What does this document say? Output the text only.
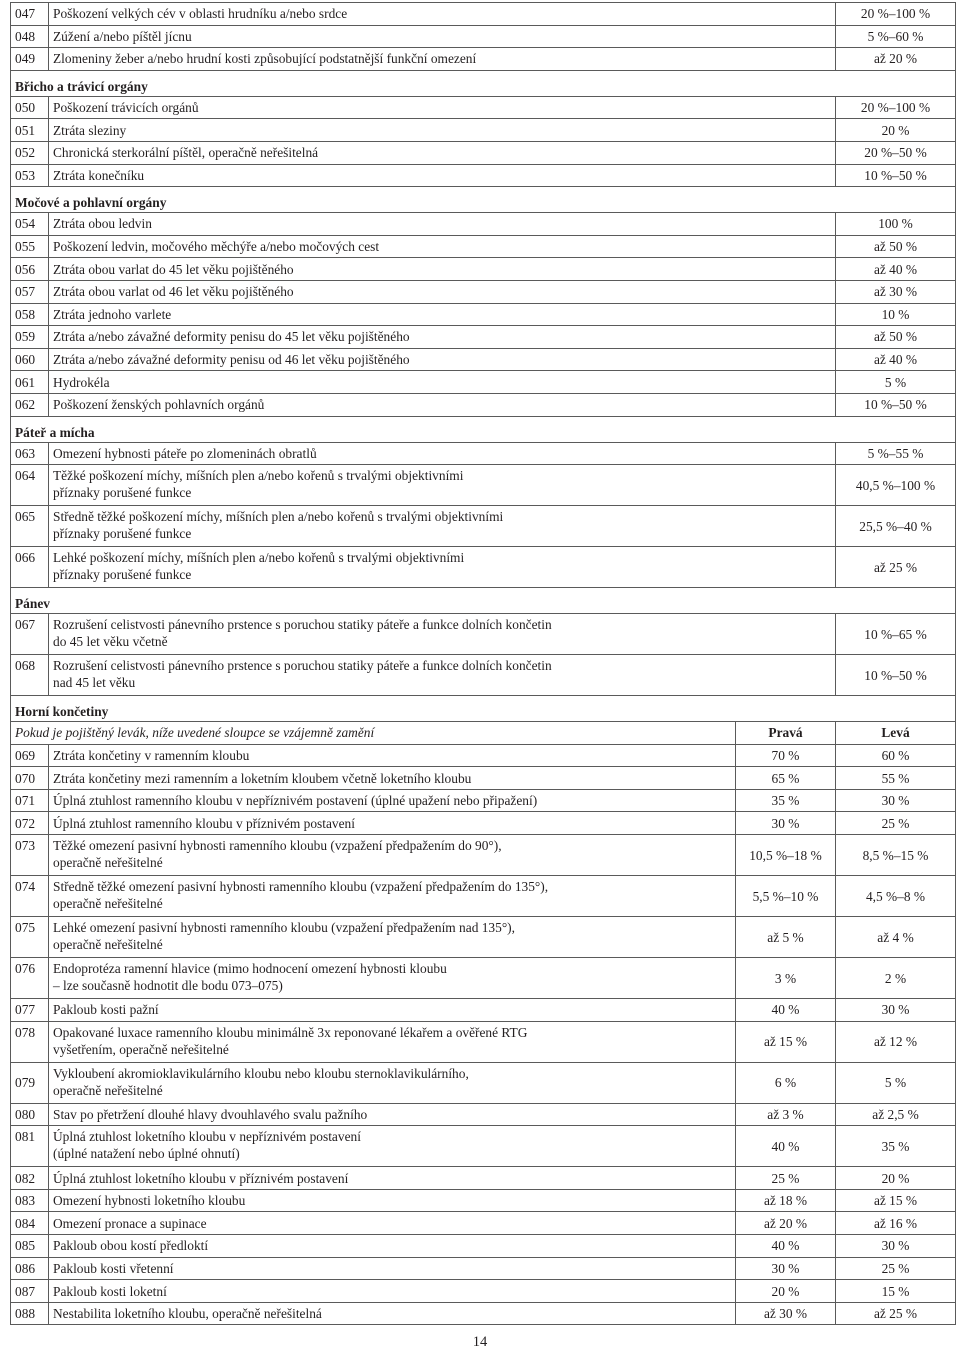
047	Poškození velkých cév v oblasti hrudníku a/nebo srdce		20 %–100 %
048	Zúžení a/nebo píštěl jícnu		5 %–60 %
049	Zlomeniny žeber a/nebo hrudní kosti způsobující podstatnější funkční omezení		až 20 %
Břicho a trávicí orgány			
050	Poškození trávicích orgánů		20 %–100 %
051	Ztráta sleziny		20 %
052	Chronická sterkorální píštěl, operačně neřešitelná		20 %–50 %
053	Ztráta konečníku		10 %–50 %
Močové a pohlavní orgány			
054	Ztráta obou ledvin		100 %
055	Poškození ledvin, močového měchýře a/nebo močových cest		až 50 %
056	Ztráta obou varlat do 45 let věku pojištěného		až 40 %
057	Ztráta obou varlat od 46 let věku pojištěného		až 30 %
058	Ztráta jednoho varlete		10 %
059	Ztráta a/nebo závažné deformity penisu do 45 let věku pojištěného		až 50 %
060	Ztráta a/nebo závažné deformity penisu od 46 let věku pojištěného		až 40 %
061	Hydrokéla		5 %
062	Poškození ženských pohlavních orgánů		10 %–50 %
Páteř a mícha			
063	Omezení hybnosti páteře po zlomeninách obratlů		5 %–55 %
064	Těžké poškození míchy, míšních plen a/nebo kořenů s trvalými objektivními
příznaky porušené funkce		40,5 %–100 %
065	Středně těžké poškození míchy, míšních plen a/nebo kořenů s trvalými objektivními
příznaky porušené funkce		25,5 %–40 %
066	Lehké poškození míchy, míšních plen a/nebo kořenů s trvalými objektivními
příznaky porušené funkce		až 25 %
Pánev			
067	Rozrušení celistvosti pánevního prstence s poruchou statiky páteře a funkce dolních končetin
do 45 let věku včetně		10 %–65 %
068	Rozrušení celistvosti pánevního prstence s poruchou statiky páteře a funkce dolních končetin
nad 45 let věku		10 %–50 %
Horní končetiny			
Pokud je pojištěný levák, níže uvedené sloupce se vzájemně zamění		Pravá	Levá
069	Ztráta končetiny v ramenním kloubu	70 %	60 %
070	Ztráta končetiny mezi ramenním a loketním kloubem včetně loketního kloubu	65 %	55 %
071	Úplná ztuhlost ramenního kloubu v nepříznivém postavení (úplné upažení nebo připažení)	35 %	30 %
072	Úplná ztuhlost ramenního kloubu v příznivém postavení	30 %	25 %
073	Těžké omezení pasivní hybnosti ramenního kloubu (vzpažení předpažením do 90°),
operačně neřešitelné	10,5 %–18 %	8,5 %–15 %
074	Středně těžké omezení pasivní hybnosti ramenního kloubu (vzpažení předpažením do 135°),
operačně neřešitelné	5,5 %–10 %	4,5 %–8 %
075	Lehké omezení pasivní hybnosti ramenního kloubu (vzpažení předpažením nad 135°),
operačně neřešitelné	až 5 %	až 4 %
076	Endoprotéza ramenní hlavice (mimo hodnocení omezení hybnosti kloubu
– lze současně hodnotit dle bodu 073–075)	3 %	2 %
077	Pakloub kosti pažní	40 %	30 %
078	Opakované luxace ramenního kloubu minimálně 3x reponované lékařem a ověřené RTG
vyšetřením, operačně neřešitelné	až 15 %	až 12 %
079	Vykloubení akromioklavikulárního kloubu nebo kloubu sternoklavikulárního,
operačně neřešitelné	6 %	5 %
080	Stav po přetržení dlouhé hlavy dvouhlavého svalu pažního	až 3 %	až 2,5 %
081	Úplná ztuhlost loketního kloubu v nepříznivém postavení
(úplné natažení nebo úplné ohnutí)	40 %	35 %
082	Úplná ztuhlost loketního kloubu v příznivém postavení	25 %	20 %
083	Omezení hybnosti loketního kloubu	až 18 %	až 15 %
084	Omezení pronace a supinace	až 20 %	až 16 %
085	Pakloub obou kostí předloktí	40 %	30 %
086	Pakloub kosti vřetenní	30 %	25 %
087	Pakloub kosti loketní	20 %	15 %
088	Nestabilita loketního kloubu, operačně neřešitelná	až 30 %	až 25 %
14
